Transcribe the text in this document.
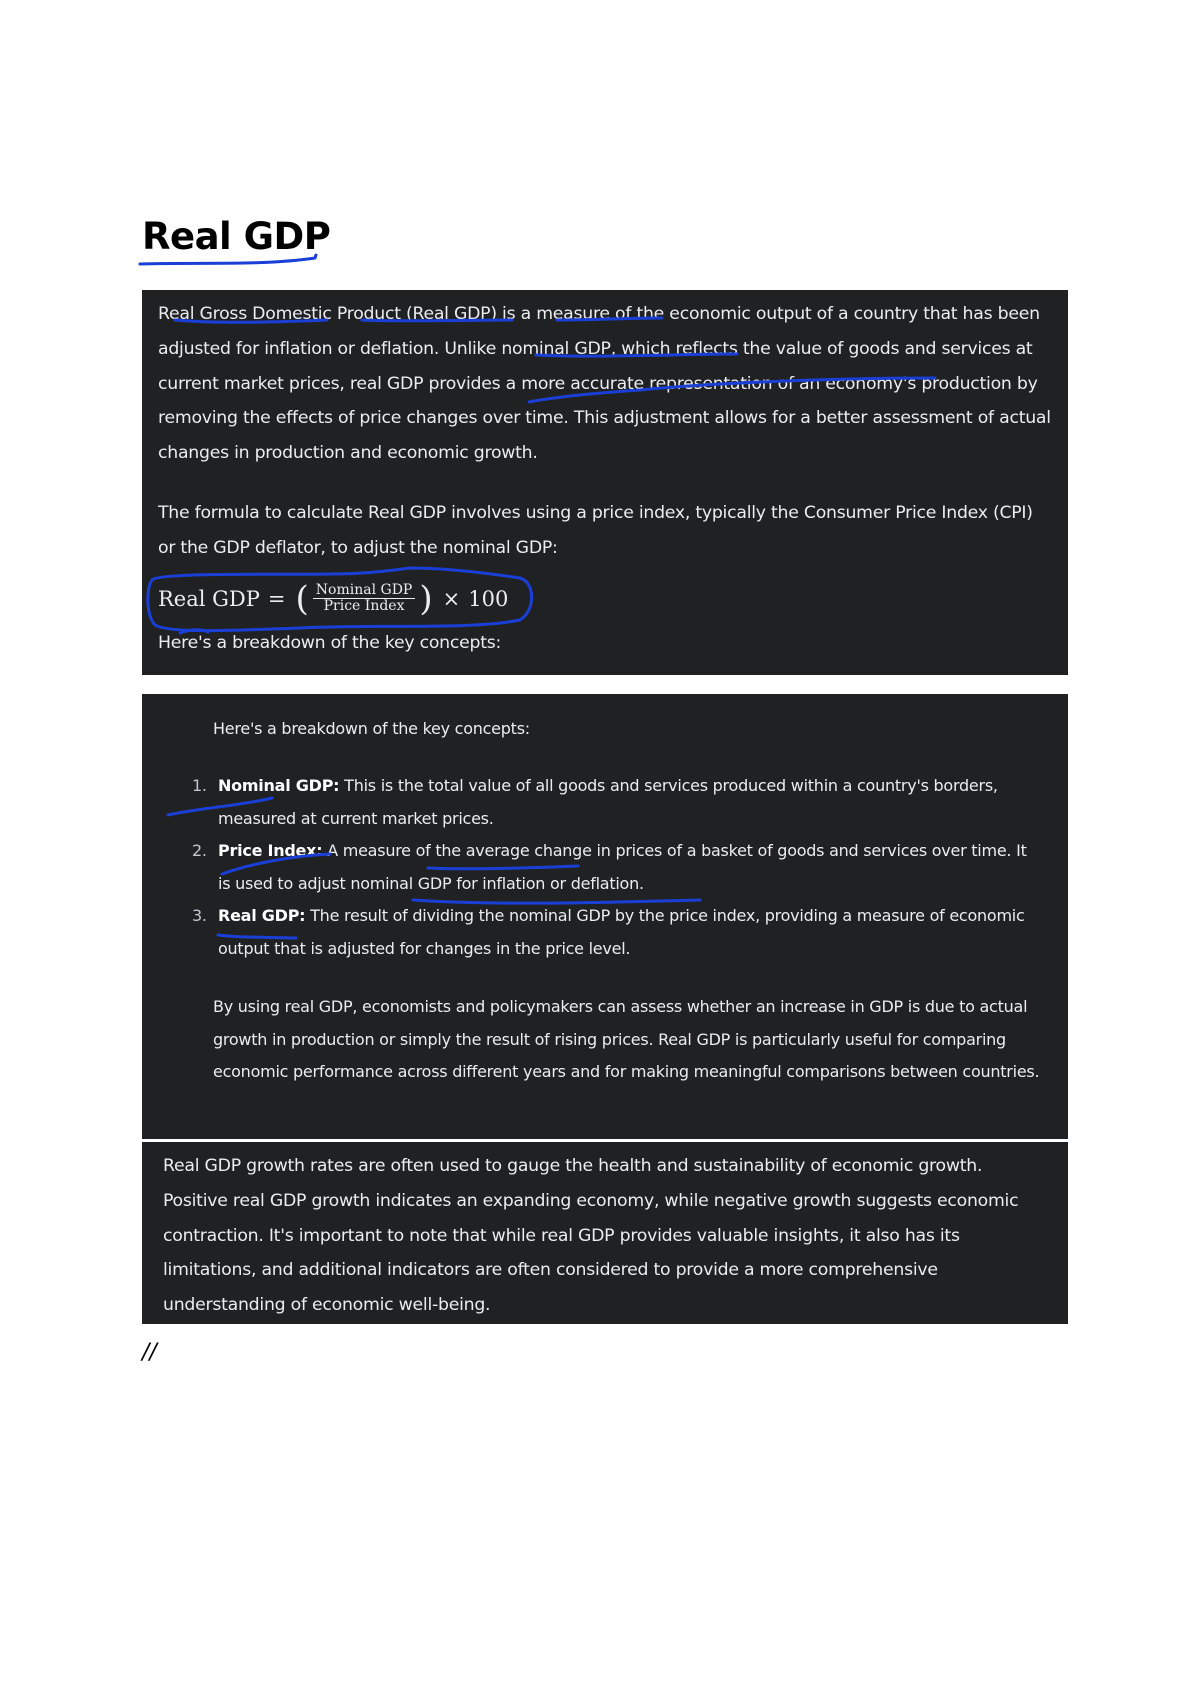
Real GDP

Real Gross Domestic Product (Real GDP) is a measure of the economic output of a country that has been adjusted for inflation or deflation. Unlike nominal GDP, which reflects the value of goods and services at current market prices, real GDP provides a more accurate representation of an economy's production by removing the effects of price changes over time. This adjustment allows for a better assessment of actual changes in production and economic growth.

The formula to calculate Real GDP involves using a price index, typically the Consumer Price Index (CPI) or the GDP deflator, to adjust the nominal GDP:

Real GDP = ( $\frac{\text{Nominal GDP}}{\text{Price Index}}$ ) × 100

Here's a breakdown of the key concepts:

Here's a breakdown of the key concepts:
1. Nominal GDP: This is the total value of all goods and services produced within a country's borders, measured at current market prices.
2. Price Index: A measure of the average change in prices of a basket of goods and services over time. It is used to adjust nominal GDP for inflation or deflation.
3. Real GDP: The result of dividing the nominal GDP by the price index, providing a measure of economic output that is adjusted for changes in the price level.

By using real GDP, economists and policymakers can assess whether an increase in GDP is due to actual growth in production or simply the result of rising prices. Real GDP is particularly useful for comparing economic performance across different years and for making meaningful comparisons between countries.

Real GDP growth rates are often used to gauge the health and sustainability of economic growth. Positive real GDP growth indicates an expanding economy, while negative growth suggests economic contraction. It's important to note that while real GDP provides valuable insights, it also has its limitations, and additional indicators are often considered to provide a more comprehensive understanding of economic well-being.

//
